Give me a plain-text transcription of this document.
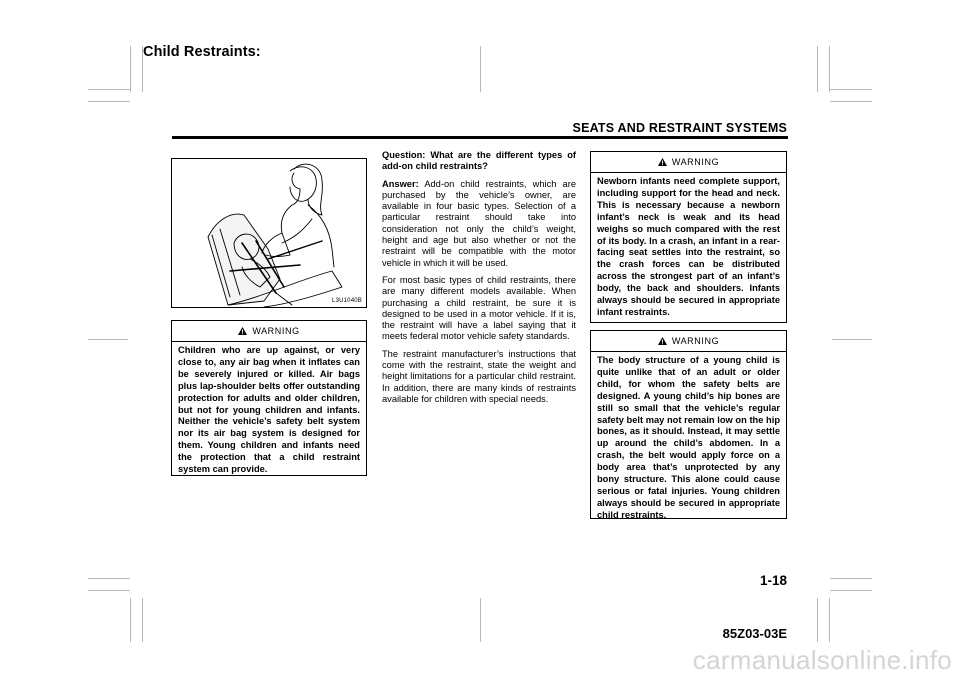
Child Restraints:
SEATS AND RESTRAINT SYSTEMS
L3U1040B
WARNING
Children who are up against, or very close to, any air bag when it inflates can be severely injured or killed. Air bags plus lap-shoulder belts offer outstanding protection for adults and older children, but not for young children and infants. Neither the vehicle’s safety belt system nor its air bag system is designed for them. Young children and infants need the protection that a child restraint system can provide.

Question: What are the different types of add-on child restraints?

Answer: Add-on child restraints, which are purchased by the vehicle’s owner, are available in four basic types. Selection of a particular restraint should take into consideration not only the child’s weight, height and age but also whether or not the restraint will be compatible with the motor vehicle in which it will be used.

For most basic types of child restraints, there are many different models available. When purchasing a child restraint, be sure it is designed to be used in a motor vehicle. If it is, the restraint will have a label saying that it meets federal motor vehicle safety standards.

The restraint manufacturer’s instructions that come with the restraint, state the weight and height limitations for a particular child restraint. In addition, there are many kinds of restraints available for children with special needs.

WARNING
Newborn infants need complete support, including support for the head and neck. This is necessary because a newborn infant’s neck is weak and its head weighs so much compared with the rest of its body. In a crash, an infant in a rear-facing seat settles into the restraint, so the crash forces can be distributed across the strongest part of an infant’s body, the back and shoulders. Infants always should be secured in appropriate infant restraints.
WARNING
The body structure of a young child is quite unlike that of an adult or older child, for whom the safety belts are designed. A young child’s hip bones are still so small that the vehicle’s regular safety belt may not remain low on the hip bones, as it should. Instead, it may settle up around the child’s abdomen. In a crash, the belt would apply force on a body area that’s unprotected by any bony structure. This alone could cause serious or fatal injuries. Young children always should be secured in appropriate child restraints.
1-18
85Z03-03E
carmanualsonline.info
